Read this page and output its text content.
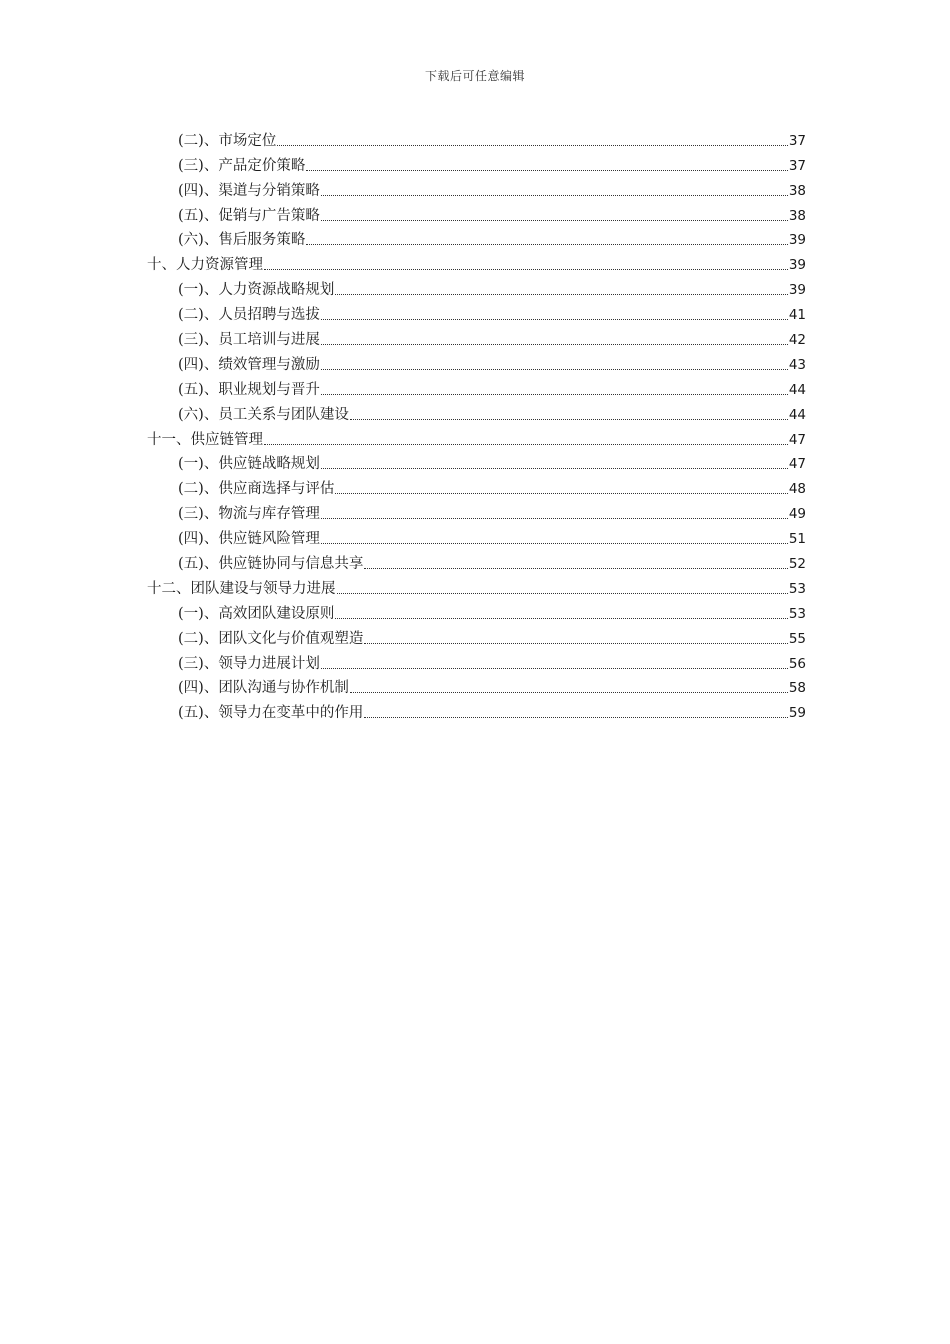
下载后可任意编辑
(二)、市场定位	37
(三)、产品定价策略	37
(四)、渠道与分销策略	38
(五)、促销与广告策略	38
(六)、售后服务策略	39
十、人力资源管理	39
(一)、人力资源战略规划	39
(二)、人员招聘与选拔	41
(三)、员工培训与进展	42
(四)、绩效管理与激励	43
(五)、职业规划与晋升	44
(六)、员工关系与团队建设	44
十一、供应链管理	47
(一)、供应链战略规划	47
(二)、供应商选择与评估	48
(三)、物流与库存管理	49
(四)、供应链风险管理	51
(五)、供应链协同与信息共享	52
十二、团队建设与领导力进展	53
(一)、高效团队建设原则	53
(二)、团队文化与价值观塑造	55
(三)、领导力进展计划	56
(四)、团队沟通与协作机制	58
(五)、领导力在变革中的作用	59
